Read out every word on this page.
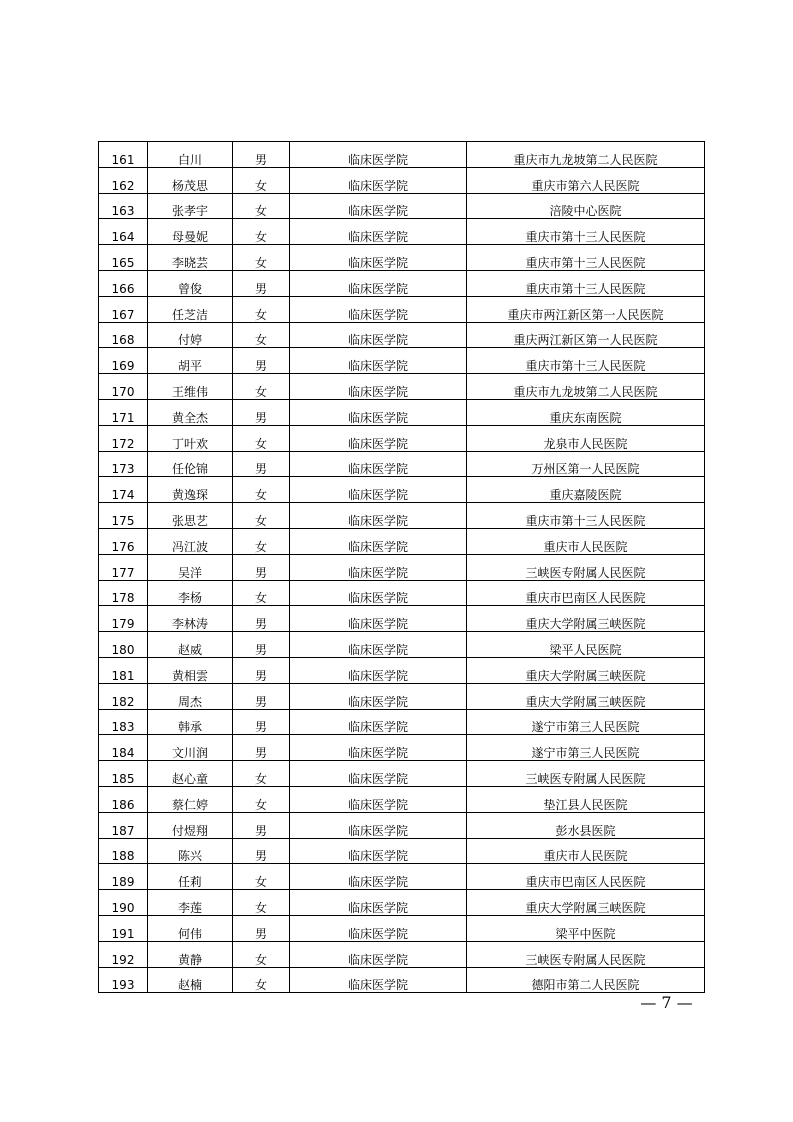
161	白川	男	临床医学院	重庆市九龙坡第二人民医院
162	杨茂思	女	临床医学院	重庆市第六人民医院
163	张孝宇	女	临床医学院	涪陵中心医院
164	母曼妮	女	临床医学院	重庆市第十三人民医院
165	李晓芸	女	临床医学院	重庆市第十三人民医院
166	曾俊	男	临床医学院	重庆市第十三人民医院
167	任芝洁	女	临床医学院	重庆市两江新区第一人民医院
168	付婷	女	临床医学院	重庆两江新区第一人民医院
169	胡平	男	临床医学院	重庆市第十三人民医院
170	王维伟	女	临床医学院	重庆市九龙坡第二人民医院
171	黄全杰	男	临床医学院	重庆东南医院
172	丁叶欢	女	临床医学院	龙泉市人民医院
173	任伦锦	男	临床医学院	万州区第一人民医院
174	黄逸琛	女	临床医学院	重庆嘉陵医院
175	张思艺	女	临床医学院	重庆市第十三人民医院
176	冯江波	女	临床医学院	重庆市人民医院
177	吴洋	男	临床医学院	三峡医专附属人民医院
178	李杨	女	临床医学院	重庆市巴南区人民医院
179	李林涛	男	临床医学院	重庆大学附属三峡医院
180	赵威	男	临床医学院	梁平人民医院
181	黄相雲	男	临床医学院	重庆大学附属三峡医院
182	周杰	男	临床医学院	重庆大学附属三峡医院
183	韩承	男	临床医学院	遂宁市第三人民医院
184	文川润	男	临床医学院	遂宁市第三人民医院
185	赵心童	女	临床医学院	三峡医专附属人民医院
186	蔡仁婷	女	临床医学院	垫江县人民医院
187	付煜翔	男	临床医学院	彭水县医院
188	陈兴	男	临床医学院	重庆市人民医院
189	任莉	女	临床医学院	重庆市巴南区人民医院
190	李莲	女	临床医学院	重庆大学附属三峡医院
191	何伟	男	临床医学院	梁平中医院
192	黄静	女	临床医学院	三峡医专附属人民医院
193	赵楠	女	临床医学院	德阳市第二人民医院
— 7 —
